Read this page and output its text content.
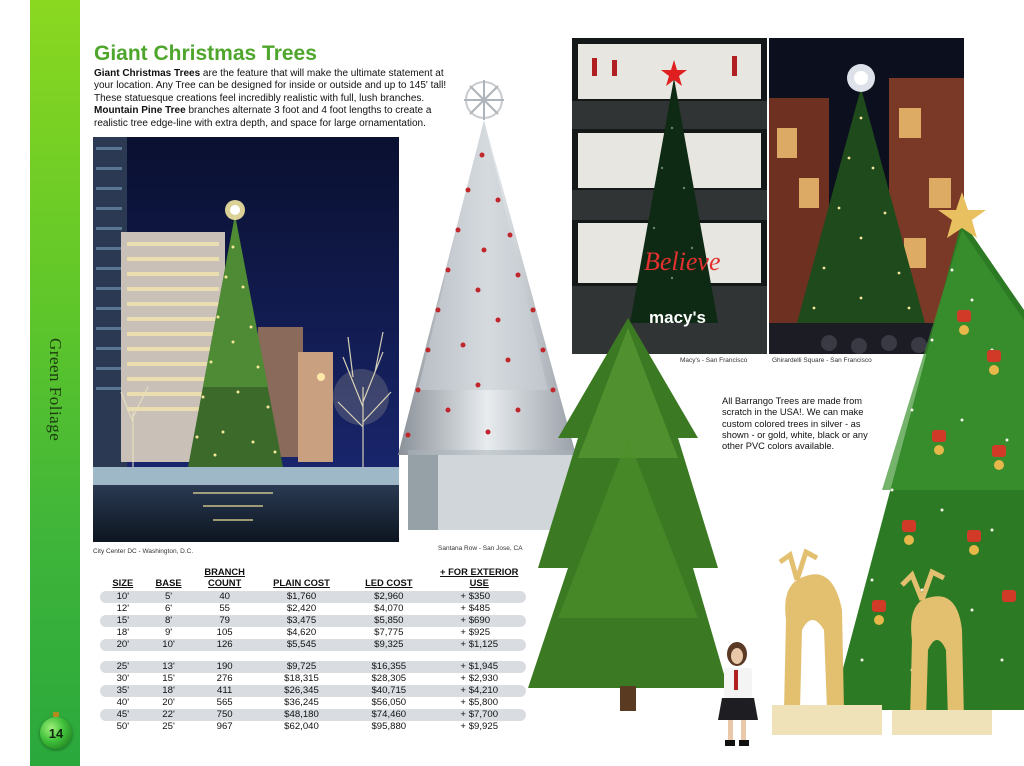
Green Foliage
14
Giant Christmas Trees
Giant Christmas Trees are the feature that will make the ultimate statement at your location. Any Tree can be designed for inside or outside and up to 145' tall! These statuesque creations feel incredibly realistic with full, lush branches. Mountain Pine Tree branches alternate 3 foot and 4 foot lengths to create a realistic tree edge-line with extra depth, and space for large ornamentation.
City Center DC - Washington, D.C.	Santana Row - San Jose, CA
Believe
macy's
Macy's - San Francisco	Ghirardelli Square - San Francisco
All Barrango Trees are made from scratch in the USA!. We can make custom colored trees in silver - as shown - or gold, white, black or any other PVC colors available.
SIZE	BASE	BRANCH COUNT	PLAIN COST	LED COST	+ FOR EXTERIOR USE
10'	5'	40	$1,760	$2,960	+ $350
12'	6'	55	$2,420	$4,070	+ $485
15'	8'	79	$3,475	$5,850	+ $690
18'	9'	105	$4,620	$7,775	+ $925
20'	10'	126	$5,545	$9,325	+ $1,125

25'	13'	190	$9,725	$16,355	+ $1,945
30'	15'	276	$18,315	$28,305	+ $2,930
35'	18'	411	$26,345	$40,715	+ $4,210
40'	20'	565	$36,245	$56,050	+ $5,800
45'	22'	750	$48,180	$74,460	+ $7,700
50'	25'	967	$62,040	$95,880	+ $9,925
